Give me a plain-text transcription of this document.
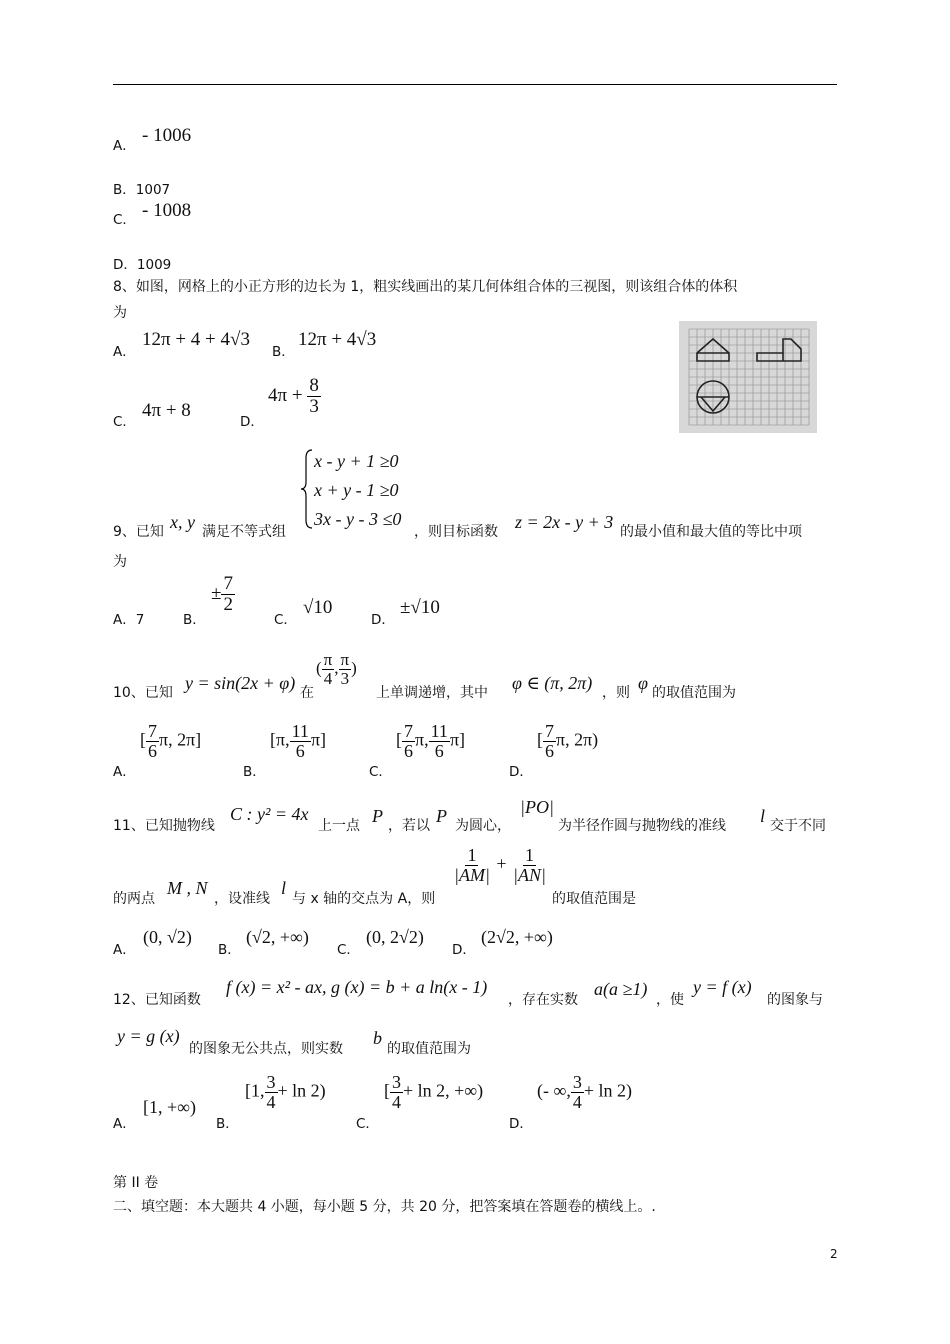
A． - 1006
B．1007
C． - 1008
D．1009
8、如图，网格上的小正方形的边长为 1，粗实线画出的某几何体组合体的三视图，则该组合体的体积
为
A．
12π + 4 + 4√3
B．
12π + 4√3
C．
4π + 8
D．
$4\pi + \frac{8}{3}$
x - y + 1 ≥0
x + y - 1 ≥0
3x - y - 3 ≤0
9、已知 x, y 满足不等式组	，则目标函数 z = 2x - y + 3 的最小值和最大值的等比中项
为
A．7	B．
± $\frac{7}{2}$
C．
√10
D．
±√10
10、已知 y = sin(2x + φ) 在
( $\frac{\pi}{4}$ , $\frac{\pi}{3}$ )
上单调递增，其中 φ ∈ (π, 2π) ，则 φ 的取值范围为
A．
[ $\frac{7}{6} \pi$, 2π]
B．
[π, $\frac{11}{6} \pi$]
C．
[ $\frac{7}{6} \pi$, $\frac{11}{6} \pi$]
D．
[ $\frac{7}{6} \pi$, 2π)
11、已知抛物线
C : y² = 4x
上一点 P ，若以 P 为圆心，
|PO|
为半径作圆与抛物线的准线 l 交于不同
的两点
M , N
，设准线
l
与 x 轴的交点为 A，则
$\frac{1}{|AM|} + \frac{1}{|AN|}$
的取值范围是
A．
(0, √2)
B．
(√2, +∞)
C．
(0, 2√2)
D．
(2√2, +∞)
12、已知函数
f (x) = x² - ax, g (x) = b + a ln(x - 1)
，存在实数
a(a ≥1)
，使
y = f (x)
的图象与
y = g (x)
的图象无公共点，则实数
b
的取值范围为
A．
[1, +∞)
B．
[1, $\frac{3}{4} + \ln 2$)
C．
[ $\frac{3}{4} + \ln 2$, +∞)
D．
(- ∞, $\frac{3}{4} + \ln 2$)
第 II 卷
二、填空题：本大题共 4 小题，每小题 5 分，共 20 分，把答案填在答题卷的横线上。.
2
